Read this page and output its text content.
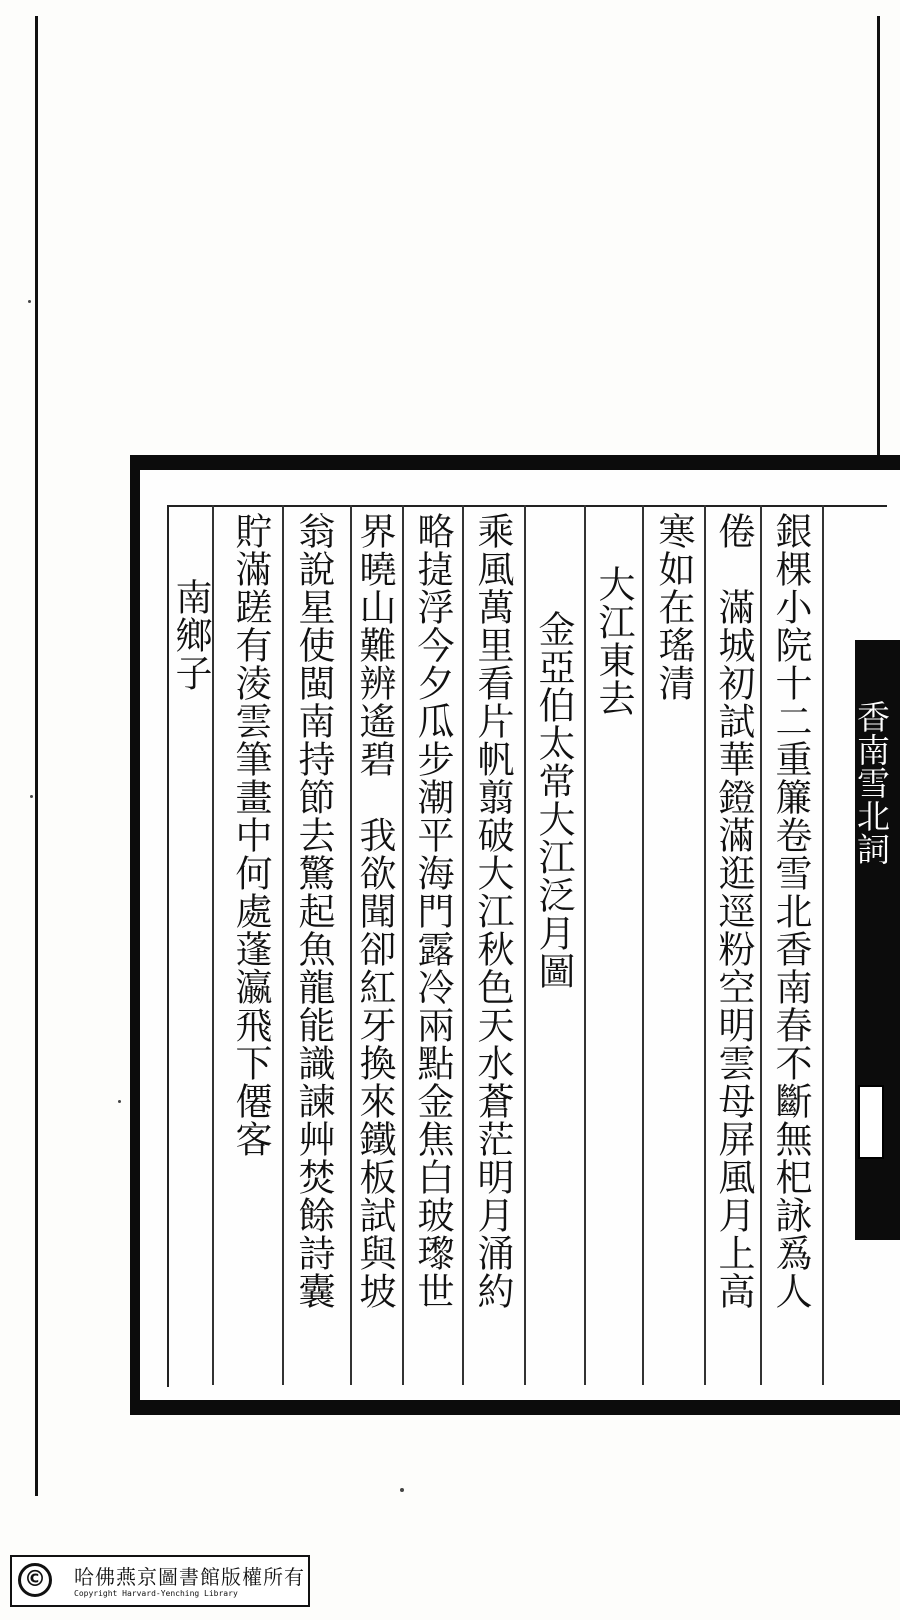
銀棵小院十二重簾卷雪北香南春不斷無𣏌詠𤔡人
倦　滿城初試華鐙滿逛逕粉空明雲母屏風月上高
寒如在瑤清
大江東去
金亞伯太常大江泛月圖
乘風萬里看片帆翦破大江秋色天水蒼茫明月涌約
略㨗浮今夕瓜步潮平海門露冷兩點金焦白玻瓈世
界曉山難辨遙碧　我欲聞卻紅牙換來鐵板試與坡
翁說星使閩南持節去驚起魚龍能識諫艸焚餘詩囊
貯滿蹉有淩雲筆畫中何處蓬瀛飛下僊客
南鄉子
香南雪北詞
©	哈佛燕京圖書館版權所有
Copyright Harvard-Yenching Library
